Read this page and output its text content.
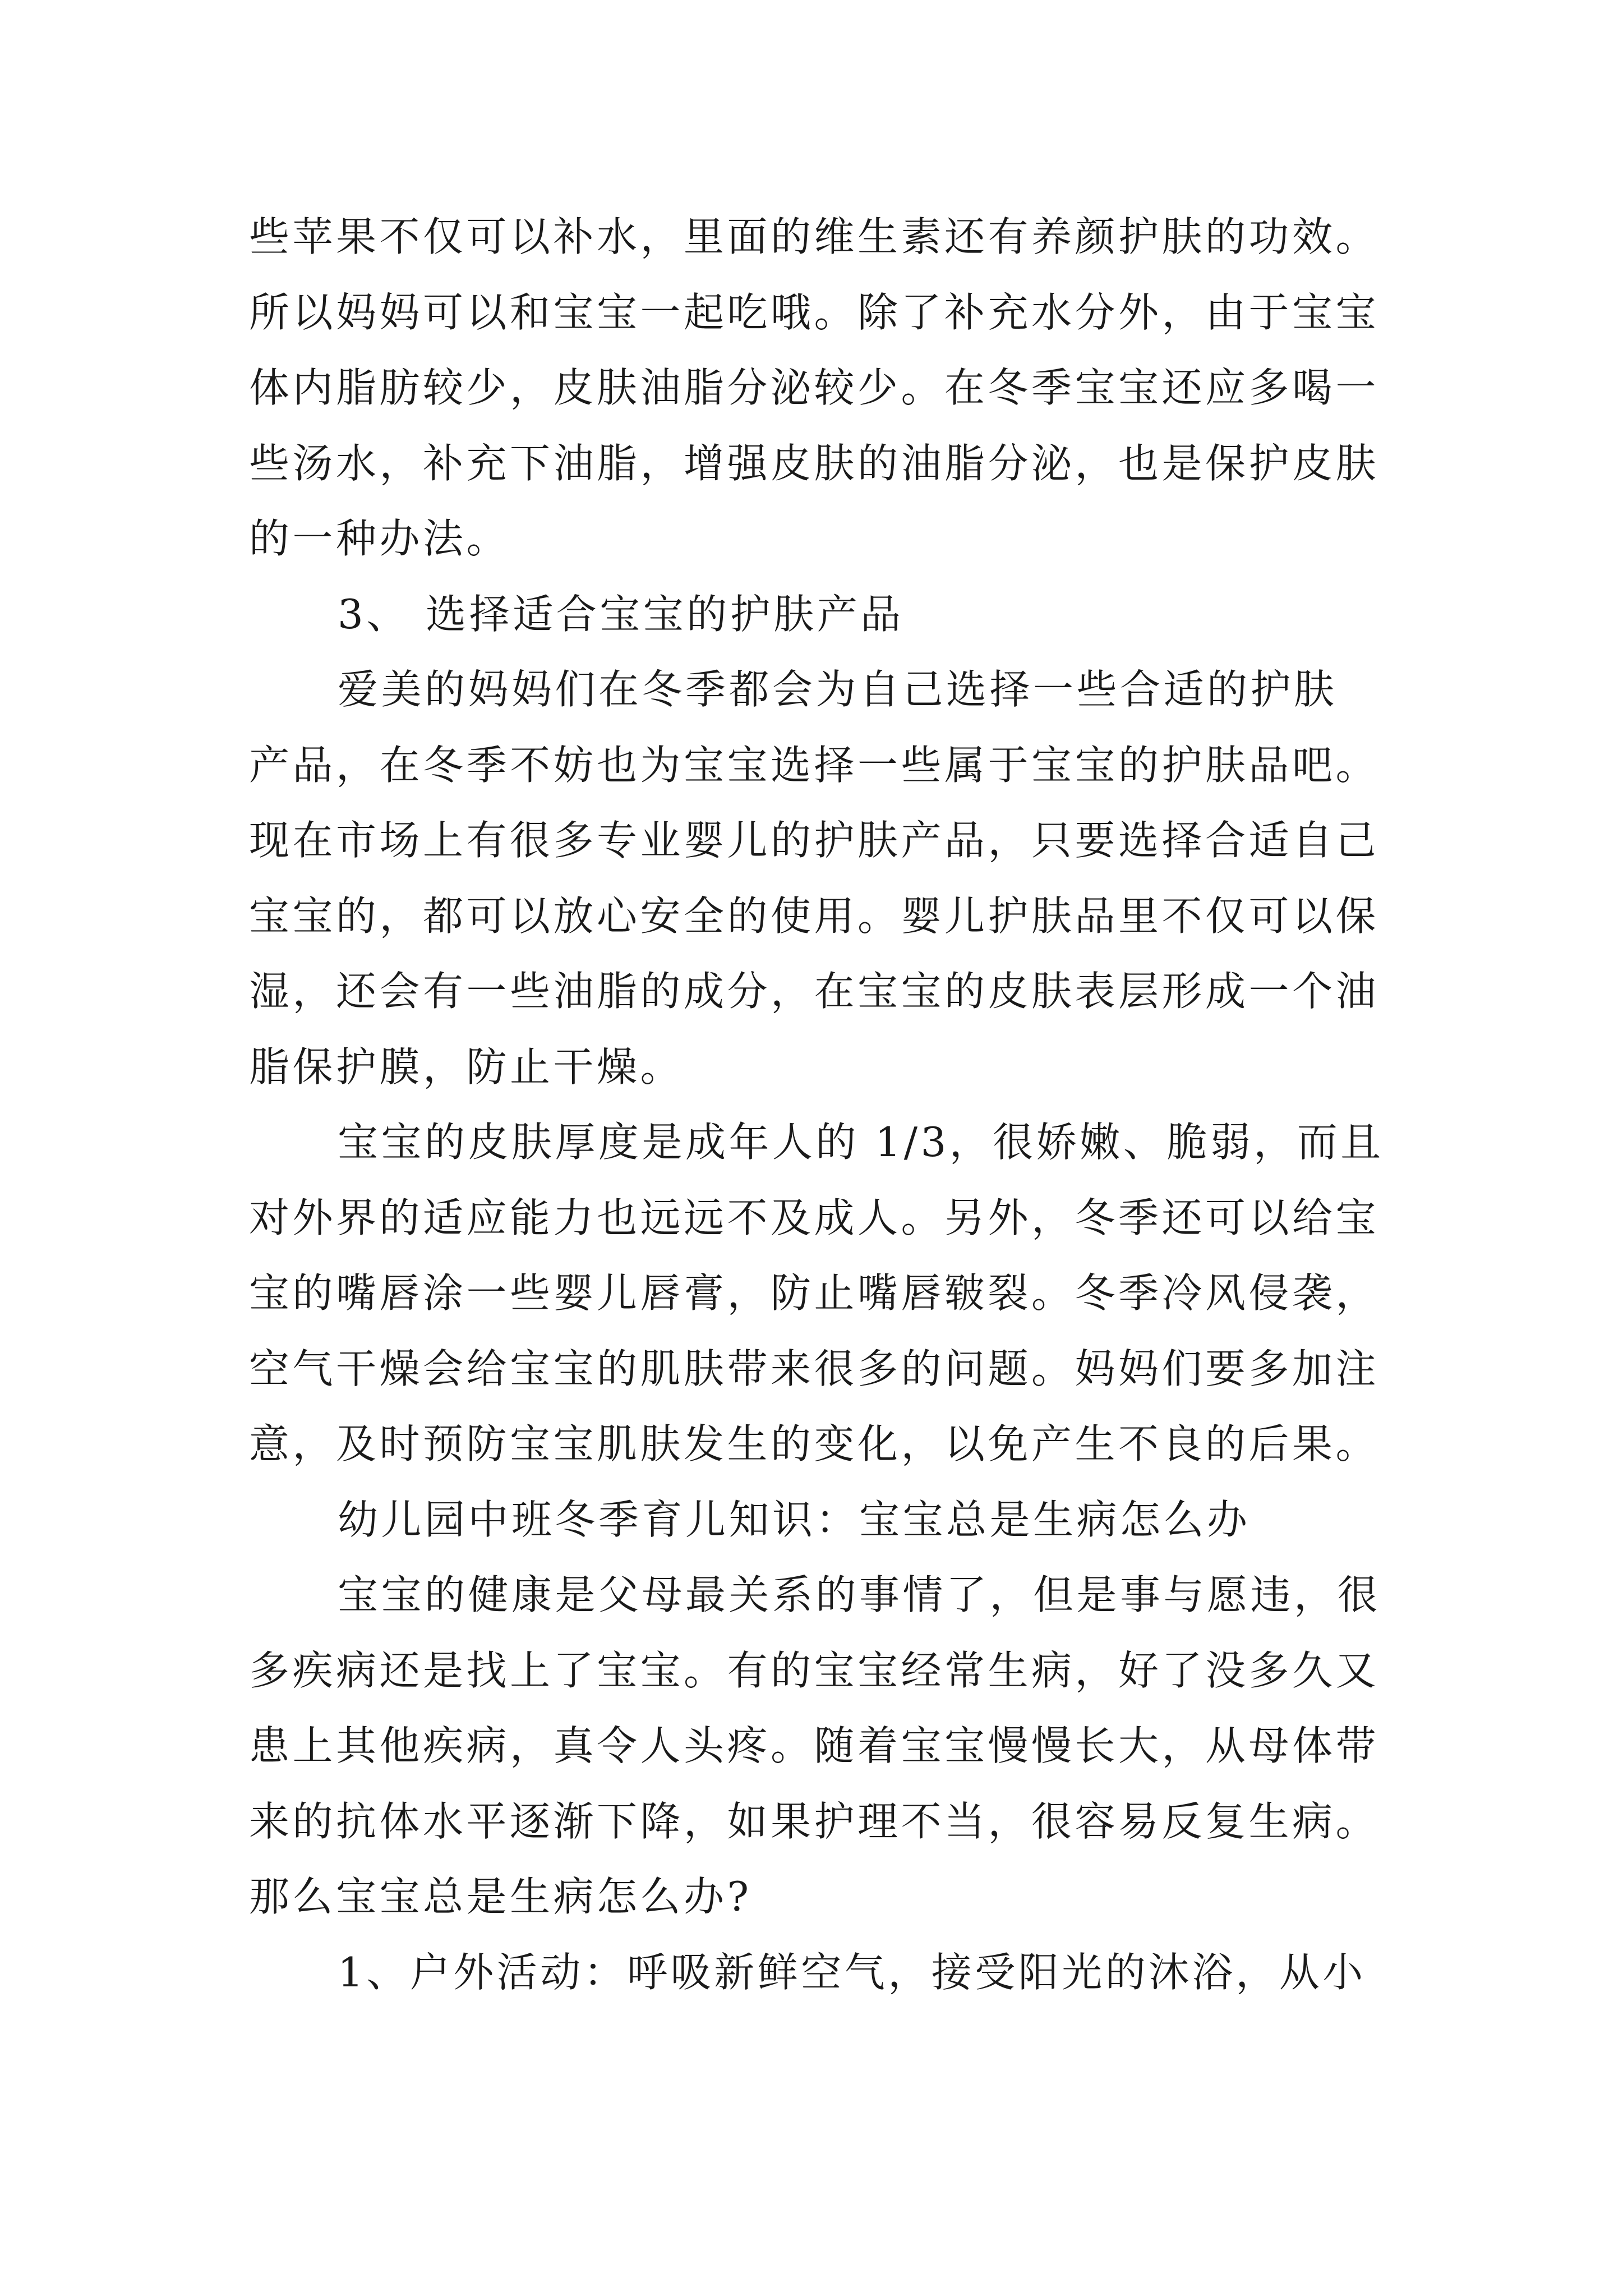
些苹果不仅可以补水，里面的维生素还有养颜护肤的功效。
所以妈妈可以和宝宝一起吃哦。除了补充水分外，由于宝宝
体内脂肪较少，皮肤油脂分泌较少。在冬季宝宝还应多喝一
些汤水，补充下油脂，增强皮肤的油脂分泌，也是保护皮肤
的一种办法。
3、 选择适合宝宝的护肤产品
爱美的妈妈们在冬季都会为自己选择一些合适的护肤
产品，在冬季不妨也为宝宝选择一些属于宝宝的护肤品吧。
现在市场上有很多专业婴儿的护肤产品，只要选择合适自己
宝宝的，都可以放心安全的使用。婴儿护肤品里不仅可以保
湿，还会有一些油脂的成分，在宝宝的皮肤表层形成一个油
脂保护膜，防止干燥。
宝宝的皮肤厚度是成年人的 1/3，很娇嫩、脆弱，而且
对外界的适应能力也远远不及成人。另外，冬季还可以给宝
宝的嘴唇涂一些婴儿唇膏，防止嘴唇皲裂。冬季冷风侵袭，
空气干燥会给宝宝的肌肤带来很多的问题。妈妈们要多加注
意，及时预防宝宝肌肤发生的变化，以免产生不良的后果。
幼儿园中班冬季育儿知识：宝宝总是生病怎么办
宝宝的健康是父母最关系的事情了，但是事与愿违，很
多疾病还是找上了宝宝。有的宝宝经常生病，好了没多久又
患上其他疾病，真令人头疼。随着宝宝慢慢长大，从母体带
来的抗体水平逐渐下降，如果护理不当，很容易反复生病。
那么宝宝总是生病怎么办?
1、户外活动：呼吸新鲜空气，接受阳光的沐浴，从小
